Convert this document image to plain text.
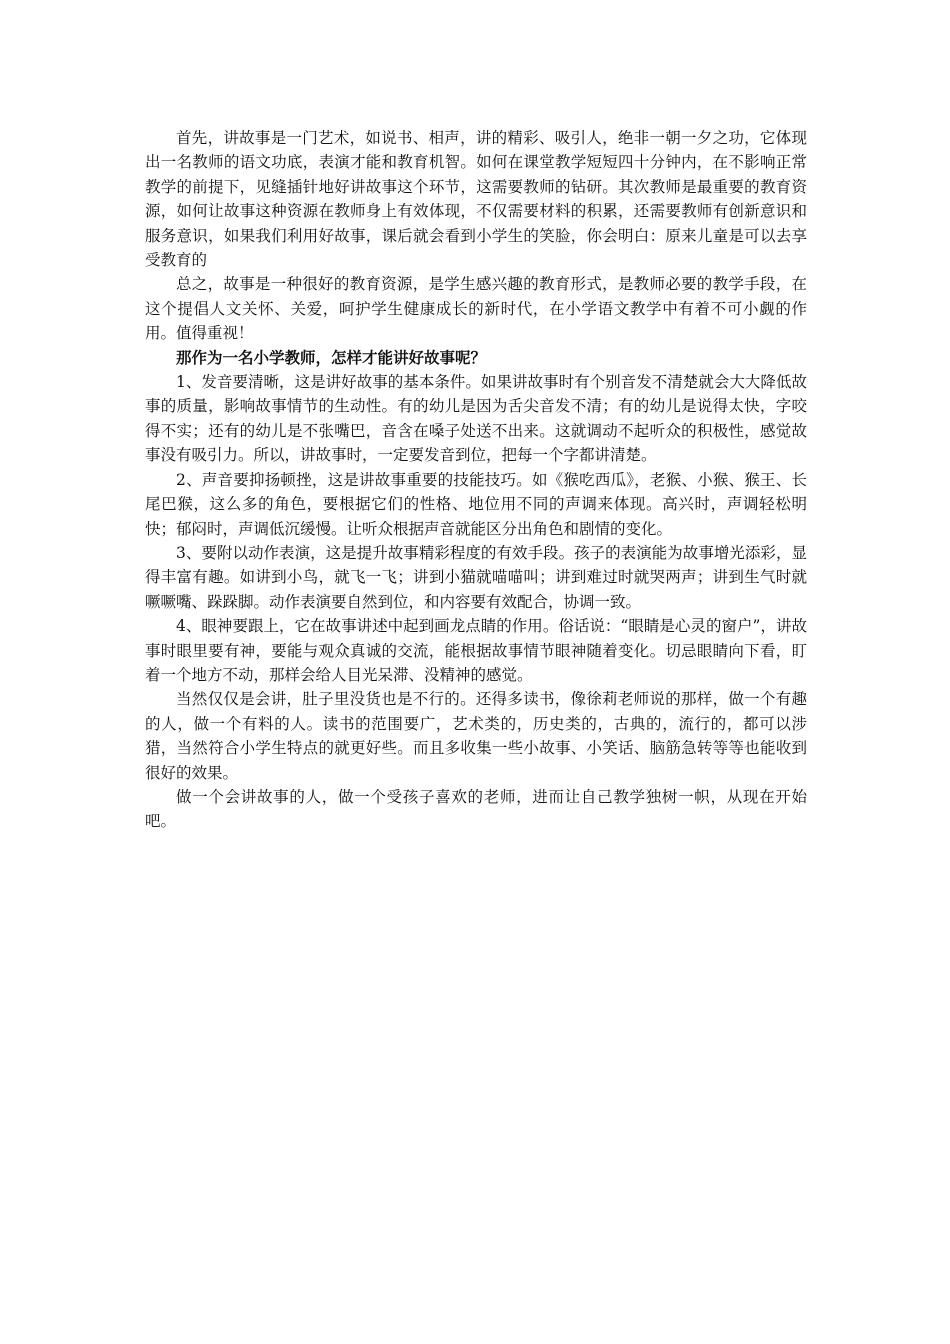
首先，讲故事是一门艺术，如说书、相声，讲的精彩、吸引人，绝非一朝一夕之功，它体现出一名教师的语文功底，表演才能和教育机智。如何在课堂教学短短四十分钟内，在不影响正常教学的前提下，见缝插针地好讲故事这个环节，这需要教师的钻研。其次教师是最重要的教育资源，如何让故事这种资源在教师身上有效体现，不仅需要材料的积累，还需要教师有创新意识和服务意识，如果我们利用好故事，课后就会看到小学生的笑脸，你会明白：原来儿童是可以去享受教育的

总之，故事是一种很好的教育资源，是学生感兴趣的教育形式，是教师必要的教学手段，在这个提倡人文关怀、关爱，呵护学生健康成长的新时代，在小学语文教学中有着不可小觑的作用。值得重视！

那作为一名小学教师，怎样才能讲好故事呢？

1、发音要清晰，这是讲好故事的基本条件。如果讲故事时有个别音发不清楚就会大大降低故事的质量，影响故事情节的生动性。有的幼儿是因为舌尖音发不清；有的幼儿是说得太快，字咬得不实；还有的幼儿是不张嘴巴，音含在嗓子处送不出来。这就调动不起听众的积极性，感觉故事没有吸引力。所以，讲故事时，一定要发音到位，把每一个字都讲清楚。

2、声音要抑扬顿挫，这是讲故事重要的技能技巧。如《猴吃西瓜》，老猴、小猴、猴王、长尾巴猴，这么多的角色，要根据它们的性格、地位用不同的声调来体现。高兴时，声调轻松明快；郁闷时，声调低沉缓慢。让听众根据声音就能区分出角色和剧情的变化。

3、要附以动作表演，这是提升故事精彩程度的有效手段。孩子的表演能为故事增光添彩，显得丰富有趣。如讲到小鸟，就飞一飞；讲到小猫就喵喵叫；讲到难过时就哭两声；讲到生气时就噘噘嘴、跺跺脚。动作表演要自然到位，和内容要有效配合，协调一致。

4、眼神要跟上，它在故事讲述中起到画龙点睛的作用。俗话说：“眼睛是心灵的窗户”，讲故事时眼里要有神，要能与观众真诚的交流，能根据故事情节眼神随着变化。切忌眼睛向下看，盯着一个地方不动，那样会给人目光呆滞、没精神的感觉。

当然仅仅是会讲，肚子里没货也是不行的。还得多读书，像徐莉老师说的那样，做一个有趣的人，做一个有料的人。读书的范围要广，艺术类的，历史类的，古典的，流行的，都可以涉猎，当然符合小学生特点的就更好些。而且多收集一些小故事、小笑话、脑筋急转等等也能收到很好的效果。

做一个会讲故事的人，做一个受孩子喜欢的老师，进而让自己教学独树一帜，从现在开始吧。
